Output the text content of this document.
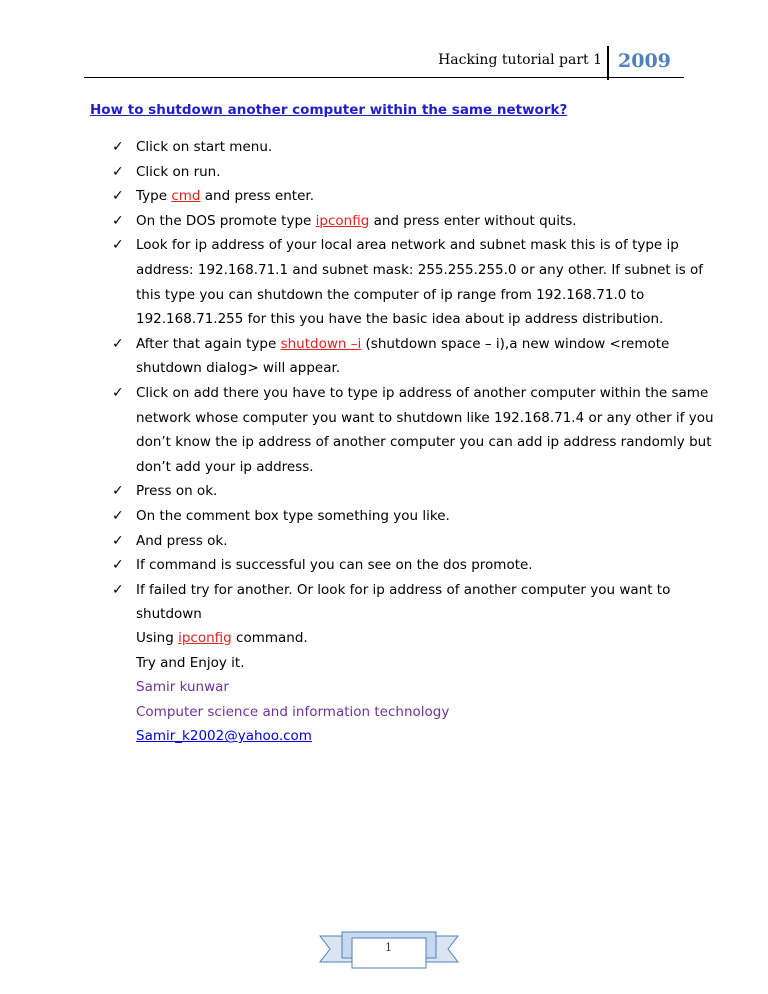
Hacking tutorial part 1 2009
How to shutdown another computer within the same network?
✓ Click on start menu.
✓ Click on run.
✓ Type cmd and press enter.
✓ On the DOS promote type ipconfig and press enter without quits.
✓ Look for ip address of your local area network and subnet mask this is of type ip address: 192.168.71.1 and subnet mask: 255.255.255.0 or any other. If subnet is of this type you can shutdown the computer of ip range from 192.168.71.0 to 192.168.71.255 for this you have the basic idea about ip address distribution.
✓ After that again type shutdown –i (shutdown space – i),a new window <remote shutdown dialog> will appear.
✓ Click on add there you have to type ip address of another computer within the same network whose computer you want to shutdown like 192.168.71.4 or any other if you don’t know the ip address of another computer you can add ip address randomly but don’t add your ip address.
✓ Press on ok.
✓ On the comment box type something you like.
✓ And press ok.
✓ If command is successful you can see on the dos promote.
✓ If failed try for another. Or look for ip address of another computer you want to shutdown
Using ipconfig command.
Try and Enjoy it.
Samir kunwar
Computer science and information technology
Samir_k2002@yahoo.com
1
